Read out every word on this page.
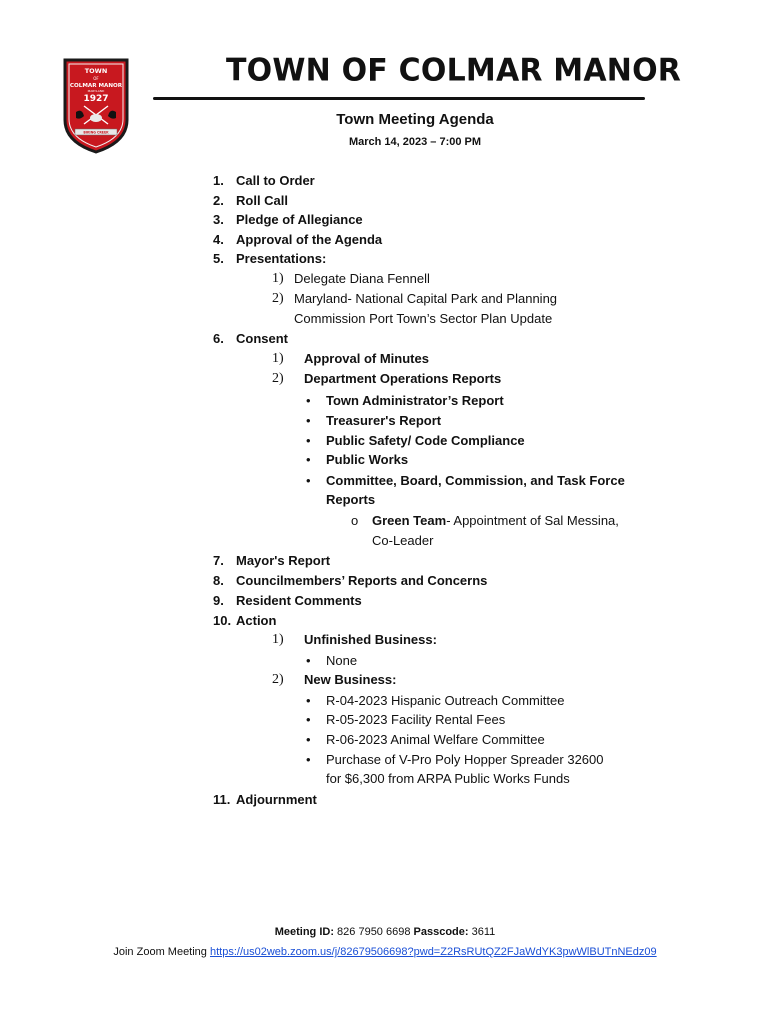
TOWN
OF
COLMAR MANOR
MARYLAND
1927
BIKING CREEK
TOWN OF COLMAR MANOR
Town Meeting Agenda
March 14, 2023 – 7:00 PM
1. Call to Order
2. Roll Call
3. Pledge of Allegiance
4. Approval of the Agenda
5. Presentations:
1) Delegate Diana Fennell
2) Maryland- National Capital Park and Planning
Commission Port Town’s Sector Plan Update
6. Consent
1) Approval of Minutes
2) Department Operations Reports
• Town Administrator’s Report
• Treasurer's Report
• Public Safety/ Code Compliance
• Public Works
• Committee, Board, Commission, and Task Force
Reports
o Green Team- Appointment of Sal Messina,
Co-Leader
7. Mayor's Report
8. Councilmembers’ Reports and Concerns
9. Resident Comments
10. Action
1) Unfinished Business:
• None
2) New Business:
• R-04-2023 Hispanic Outreach Committee
• R-05-2023 Facility Rental Fees
• R-06-2023 Animal Welfare Committee
• Purchase of V-Pro Poly Hopper Spreader 32600
for $6,300 from ARPA Public Works Funds
11. Adjournment
Meeting ID: 826 7950 6698 Passcode: 3611
Join Zoom Meeting https://us02web.zoom.us/j/82679506698?pwd=Z2RsRUtQZ2FJaWdYK3pwWlBUTnNEdz09
